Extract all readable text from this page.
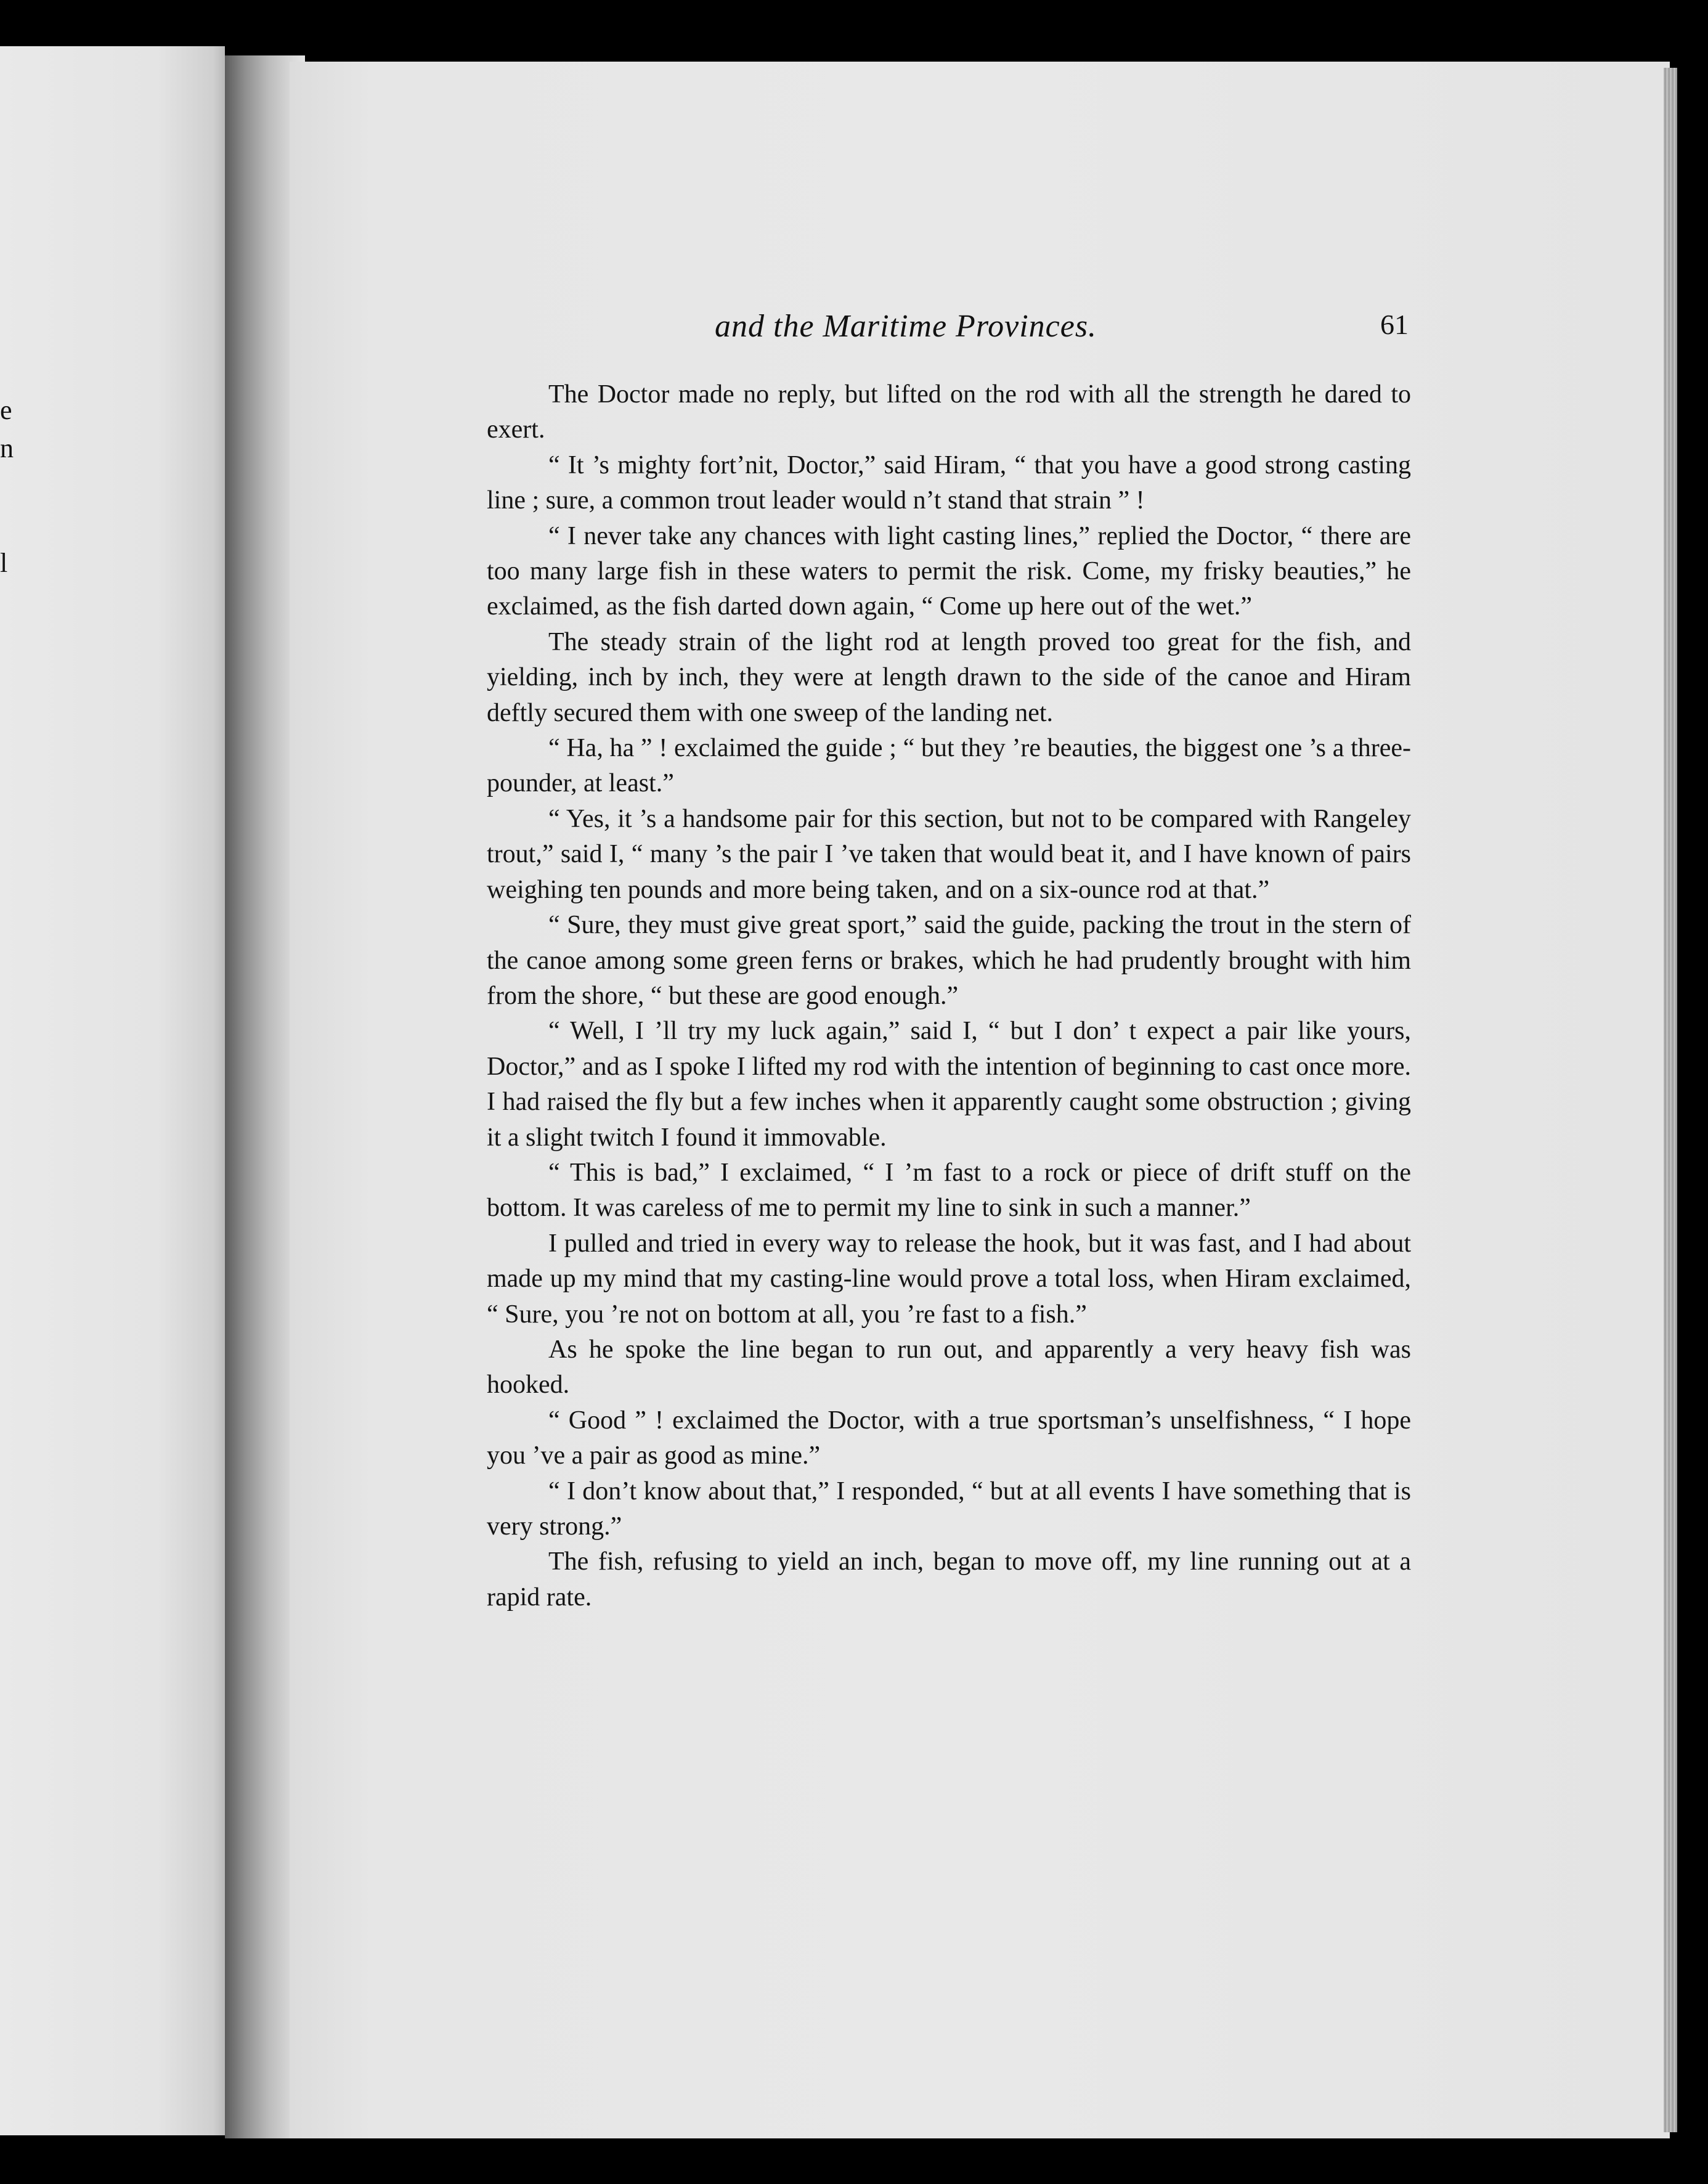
e
n

l
and the Maritime Provinces.	61

The Doctor made no reply, but lifted on the rod with all the strength he dared to exert.

“ It ’s mighty fort’nit, Doctor,” said Hiram, “ that you have a good strong casting line ; sure, a common trout leader would n’t stand that strain ” !

“ I never take any chances with light casting lines,” replied the Doctor, “ there are too many large fish in these waters to permit the risk. Come, my frisky beauties,” he exclaimed, as the fish darted down again, “ Come up here out of the wet.”

The steady strain of the light rod at length proved too great for the fish, and yielding, inch by inch, they were at length drawn to the side of the canoe and Hiram deftly secured them with one sweep of the landing net.

“ Ha, ha ” ! exclaimed the guide ; “ but they ’re beauties, the biggest one ’s a three-pounder, at least.”

“ Yes, it ’s a handsome pair for this section, but not to be compared with Rangeley trout,” said I, “ many ’s the pair I ’ve taken that would beat it, and I have known of pairs weighing ten pounds and more being taken, and on a six-ounce rod at that.”

“ Sure, they must give great sport,” said the guide, packing the trout in the stern of the canoe among some green ferns or brakes, which he had prudently brought with him from the shore, “ but these are good enough.”

“ Well, I ’ll try my luck again,” said I, “ but I don’ t expect a pair like yours, Doctor,” and as I spoke I lifted my rod with the intention of beginning to cast once more. I had raised the fly but a few inches when it apparently caught some obstruction ; giving it a slight twitch I found it immovable.

“ This is bad,” I exclaimed, “ I ’m fast to a rock or piece of drift stuff on the bottom. It was careless of me to permit my line to sink in such a manner.”

I pulled and tried in every way to release the hook, but it was fast, and I had about made up my mind that my casting-line would prove a total loss, when Hiram exclaimed, “ Sure, you ’re not on bottom at all, you ’re fast to a fish.”

As he spoke the line began to run out, and apparently a very heavy fish was hooked.

“ Good ” ! exclaimed the Doctor, with a true sportsman’s unselfishness, “ I hope you ’ve a pair as good as mine.”

“ I don’t know about that,” I responded, “ but at all events I have something that is very strong.”

The fish, refusing to yield an inch, began to move off, my line running out at a rapid rate.
